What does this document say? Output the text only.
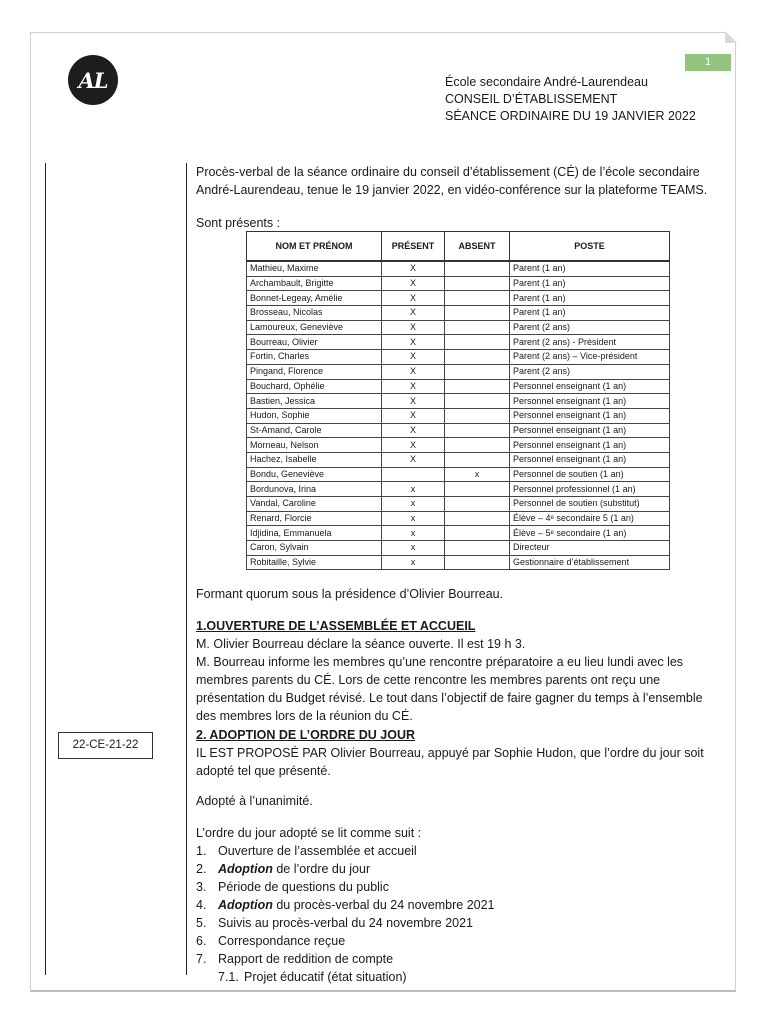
AL
1
École secondaire André-Laurendeau
CONSEIL D’ÉTABLISSEMENT
SÉANCE ORDINAIRE DU 19 JANVIER 2022
Procès-verbal de la séance ordinaire du conseil d’établissement (CÉ) de l’école secondaire André-Laurendeau, tenue le 19 janvier 2022, en vidéo-conférence sur la plateforme TEAMS.
Sont présents :
NOM ET PRÉNOM	PRÉSENT	ABSENT	POSTE
Mathieu, Maxime	X		Parent (1 an)
Archambault, Brigitte	X		Parent (1 an)
Bonnet-Legeay, Amélie	X		Parent (1 an)
Brosseau, Nicolas	X		Parent (1 an)
Lamoureux, Geneviève	X		Parent (2 ans)
Bourreau, Olivier	X		Parent (2 ans) - Président
Fortin, Charles	X		Parent (2 ans) – Vice-président
Pingand, Florence	X		Parent (2 ans)
Bouchard, Ophélie	X		Personnel enseignant (1 an)
Bastien, Jessica	X		Personnel enseignant (1 an)
Hudon, Sophie	X		Personnel enseignant (1 an)
St-Amand, Carole	X		Personnel enseignant (1 an)
Morneau, Nelson	X		Personnel enseignant (1 an)
Hachez, Isabelle	X		Personnel enseignant (1 an)
Bondu, Geneviève		x	Personnel de soutien (1 an)
Bordunova, Irina	x		Personnel professionnel (1 an)
Vandal, Caroline	x		Personnel de soutien (substitut)
Renard, Florcie	x		Élève – 4ᵉ secondaire 5 (1 an)
Idjidina, Emmanuela	x		Élève – 5ᵉ secondaire (1 an)
Caron, Sylvain	x		Directeur
Robitaille, Sylvie	x		Gestionnaire d’établissement
Formant quorum sous la présidence d’Olivier Bourreau.
1.OUVERTURE DE L’ASSEMBLÉE ET ACCUEIL
M. Olivier Bourreau déclare la séance ouverte. Il est 19 h 3.
M. Bourreau informe les membres qu’une rencontre préparatoire a eu lieu lundi avec les membres parents du CÉ. Lors de cette rencontre les membres parents ont reçu une présentation du Budget révisé. Le tout dans l’objectif de faire gagner du temps à l’ensemble des membres lors de la réunion du CÉ.
22-CE-21-22
2. ADOPTION DE L’ORDRE DU JOUR
IL EST PROPOSÉ PAR Olivier Bourreau, appuyé par Sophie Hudon, que l’ordre du jour soit adopté tel que présenté.
Adopté à l’unanimité.
L’ordre du jour adopté se lit comme suit :
1. Ouverture de l’assemblée et accueil
2. Adoption de l’ordre du jour
3. Période de questions du public
4. Adoption du procès-verbal du 24 novembre 2021
5. Suivis au procès-verbal du 24 novembre 2021
6. Correspondance reçue
7. Rapport de reddition de compte
7.1. Projet éducatif (état situation)
